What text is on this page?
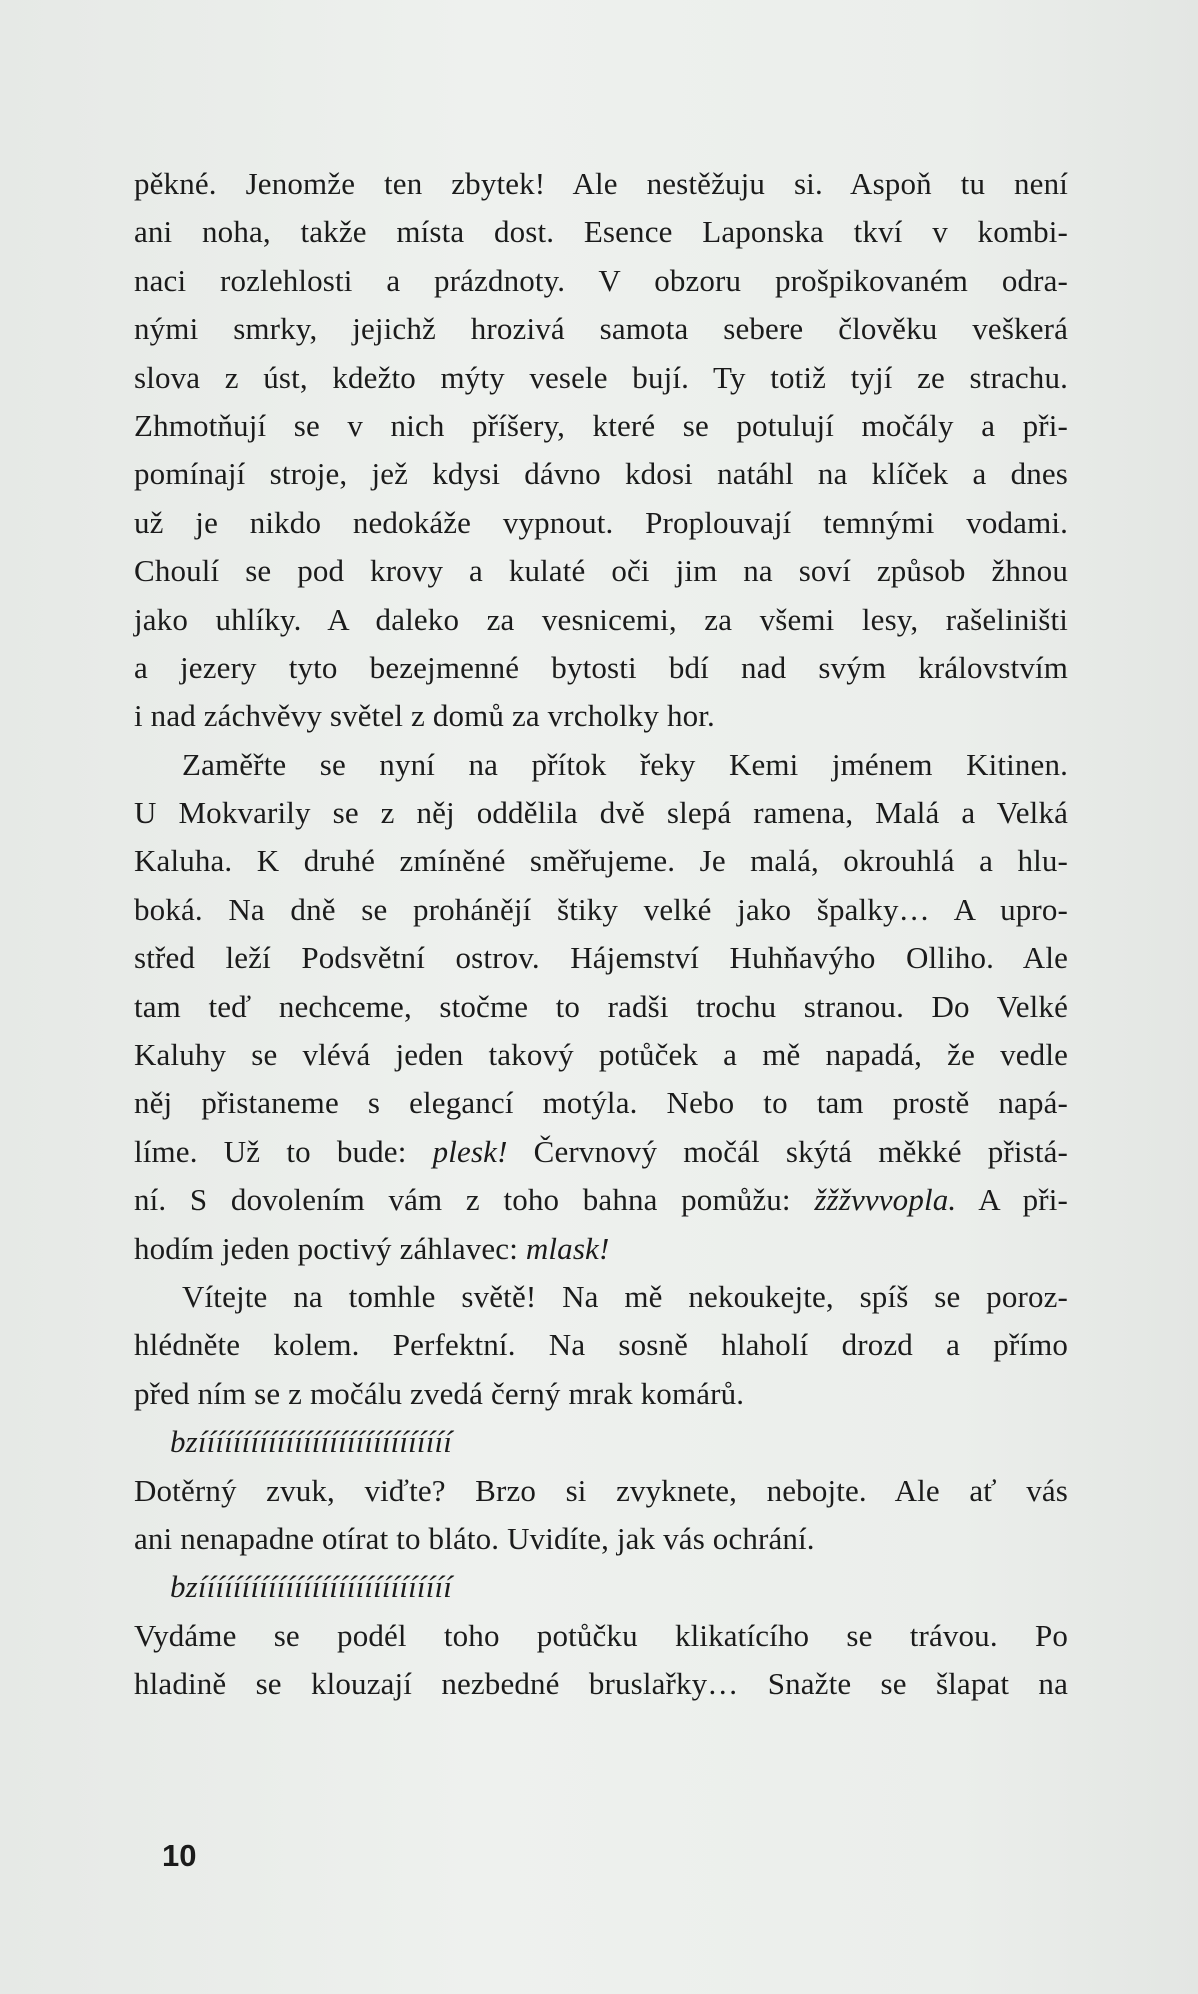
pěkné. Jenomže ten zbytek! Ale nestěžuju si. Aspoň tu není
ani noha, takže místa dost. Esence Laponska tkví v kombi-
naci rozlehlosti a prázdnoty. V obzoru prošpikovaném odra-
nými smrky, jejichž hrozivá samota sebere člověku veškerá
slova z úst, kdežto mýty vesele bují. Ty totiž tyjí ze strachu.
Zhmotňují se v nich příšery, které se potulují močály a při-
pomínají stroje, jež kdysi dávno kdosi natáhl na klíček a dnes
už je nikdo nedokáže vypnout. Proplouvají temnými vodami.
Choulí se pod krovy a kulaté oči jim na soví způsob žhnou
jako uhlíky. A daleko za vesnicemi, za všemi lesy, rašeliništi
a jezery tyto bezejmenné bytosti bdí nad svým královstvím
i nad záchvěvy světel z domů za vrcholky hor.
Zaměřte se nyní na přítok řeky Kemi jménem Kitinen.
U Mokvarily se z něj oddělila dvě slepá ramena, Malá a Velká
Kaluha. K druhé zmíněné směřujeme. Je malá, okrouhlá a hlu-
boká. Na dně se prohánějí štiky velké jako špalky… A upro-
střed leží Podsvětní ostrov. Hájemství Huhňavýho Olliho. Ale
tam teď nechceme, stočme to radši trochu stranou. Do Velké
Kaluhy se vlévá jeden takový potůček a mě napadá, že vedle
něj přistaneme s elegancí motýla. Nebo to tam prostě napá-
líme. Už to bude: plesk! Červnový močál skýtá měkké přistá-
ní. S dovolením vám z toho bahna pomůžu: žžžvvvopla. A při-
hodím jeden poctivý záhlavec: mlask!
Vítejte na tomhle světě! Na mě nekoukejte, spíš se poroz-
hlédněte kolem. Perfektní. Na sosně hlaholí drozd a přímo
před ním se z močálu zvedá černý mrak komárů.
bzííííííííííííííííííííííííííííí
Dotěrný zvuk, viďte? Brzo si zvyknete, nebojte. Ale ať vás
ani nenapadne otírat to bláto. Uvidíte, jak vás ochrání.
bzííííííííííííííííííííííííííííí
Vydáme se podél toho potůčku klikatícího se trávou. Po
hladině se klouzají nezbedné bruslařky… Snažte se šlapat na
10
